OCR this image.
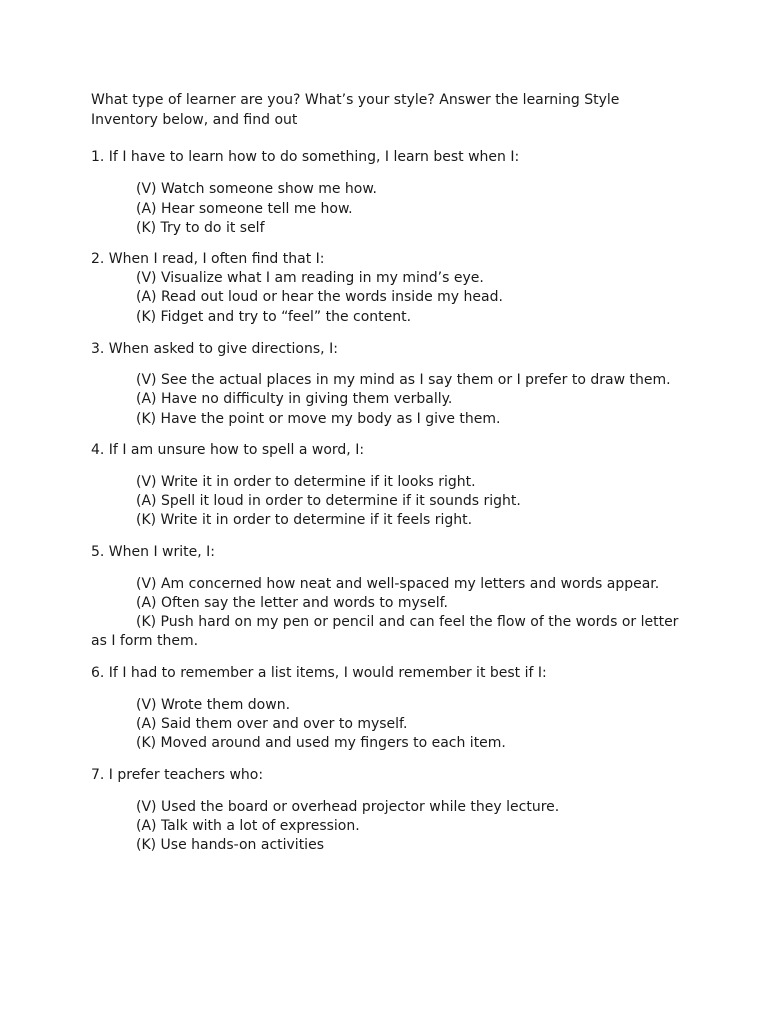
What type of learner are you? What’s your style? Answer the learning Style
Inventory below, and find out
1. If I have to learn how to do something, I learn best when I:
(V) Watch someone show me how.
(A) Hear someone tell me how.
(K) Try to do it self
2. When I read, I often find that I:
(V) Visualize what I am reading in my mind’s eye.
(A) Read out loud or hear the words inside my head.
(K) Fidget and try to “feel” the content.
3. When asked to give directions, I:
(V) See the actual places in my mind as I say them or I prefer to draw them.
(A) Have no difficulty in giving them verbally.
(K) Have the point or move my body as I give them.
4. If I am unsure how to spell a word, I:
(V) Write it in order to determine if it looks right.
(A) Spell it loud in order to determine if it sounds right.
(K) Write it in order to determine if it feels right.
5. When I write, I:
(V) Am concerned how neat and well-spaced my letters and words appear.
(A) Often say the letter and words to myself.
(K) Push hard on my pen or pencil and can feel the flow of the words or letter
as I form them.
6. If I had to remember a list items, I would remember it best if I:
(V) Wrote them down.
(A) Said them over and over to myself.
(K) Moved around and used my fingers to each item.
7. I prefer teachers who:
(V) Used the board or overhead projector while they lecture.
(A) Talk with a lot of expression.
(K) Use hands-on activities
